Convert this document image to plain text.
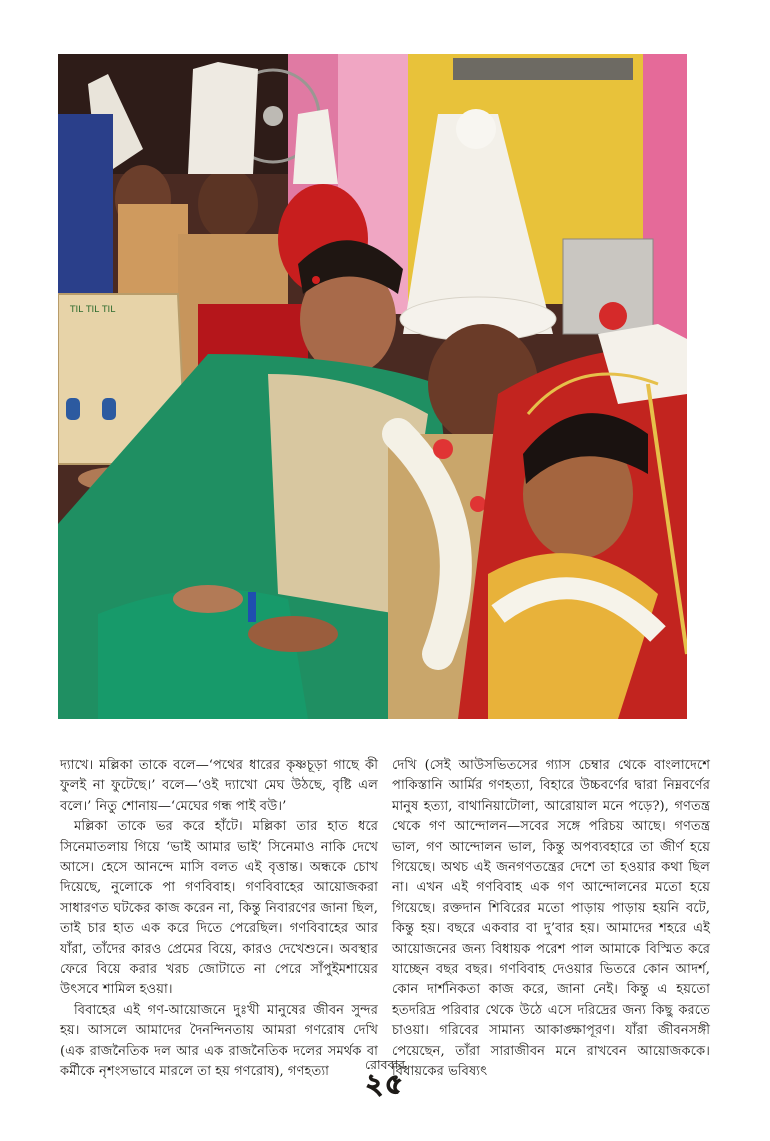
TIL TIL TIL

দ্যাখে। মল্লিকা তাকে বলে—‘পথের ধারের কৃষ্ণচূড়া গাছে কী ফুলই না ফুটেছে।’ বলে—‘ওই দ্যাখো মেঘ উঠছে, বৃষ্টি এল বলে।’ নিতু শোনায়—‘মেঘের গন্ধ পাই বউ।’

মল্লিকা তাকে ভর করে হাঁটে। মল্লিকা তার হাত ধরে সিনেমাতলায় গিয়ে ‘ভাই আমার ভাই’ সিনেমাও নাকি দেখে আসে। হেসে আনন্দে মাসি বলত এই বৃত্তান্ত। অন্ধকে চোখ দিয়েছে, নুলোকে পা গণবিবাহ। গণবিবাহের আয়োজকরা সাধারণত ঘটকের কাজ করেন না, কিন্তু নিবারণের জানা ছিল, তাই চার হাত এক করে দিতে পেরেছিল। গণবিবাহের আর যাঁরা, তাঁদের কারও প্রেমের বিয়ে, কারও দেখেশুনে। অবস্থার ফেরে বিয়ে করার খরচ জোটাতে না পেরে সাঁপুইমশায়ের উৎসবে শামিল হওয়া।

বিবাহের এই গণ-আয়োজনে দুঃখী মানুষের জীবন সুন্দর হয়। আসলে আমাদের দৈনন্দিনতায় আমরা গণরোষ দেখি (এক রাজনৈতিক দল আর এক রাজনৈতিক দলের সমর্থক বা কর্মীকে নৃশংসভাবে মারলে তা হয় গণরোষ), গণহত্যা

দেখি (সেই আউসভিতসের গ্যাস চেম্বার থেকে বাংলাদেশে পাকিস্তানি আর্মির গণহত্যা, বিহারে উচ্চবর্ণের দ্বারা নিম্নবর্ণের মানুষ হত্যা, বাথানিয়াটোলা, আরোয়াল মনে পড়ে?), গণতন্ত্র থেকে গণ আন্দোলন—সবের সঙ্গে পরিচয় আছে। গণতন্ত্র ভাল, গণ আন্দোলন ভাল, কিন্তু অপব্যবহারে তা জীর্ণ হয়ে গিয়েছে। অথচ এই জনগণতন্ত্রের দেশে তা হওয়ার কথা ছিল না। এখন এই গণবিবাহ এক গণ আন্দোলনের মতো হয়ে গিয়েছে। রক্তদান শিবিরের মতো পাড়ায় পাড়ায় হয়নি বটে, কিন্তু হয়। বছরে একবার বা দু’বার হয়। আমাদের শহরে এই আয়োজনের জন্য বিধায়ক পরেশ পাল আমাকে বিস্মিত করে যাচ্ছেন বছর বছর। গণবিবাহ দেওয়ার ভিতরে কোন আদর্শ, কোন দার্শনিকতা কাজ করে, জানা নেই। কিন্তু এ হয়তো হতদরিদ্র পরিবার থেকে উঠে এসে দরিদ্রের জন্য কিছু করতে চাওয়া। গরিবের সামান্য আকাঙ্ক্ষাপূরণ। যাঁরা জীবনসঙ্গী পেয়েছেন, তাঁরা সারাজীবন মনে রাখবেন আয়োজককে। বিধায়কের ভবিষ্যৎ

রোববার
২৫
